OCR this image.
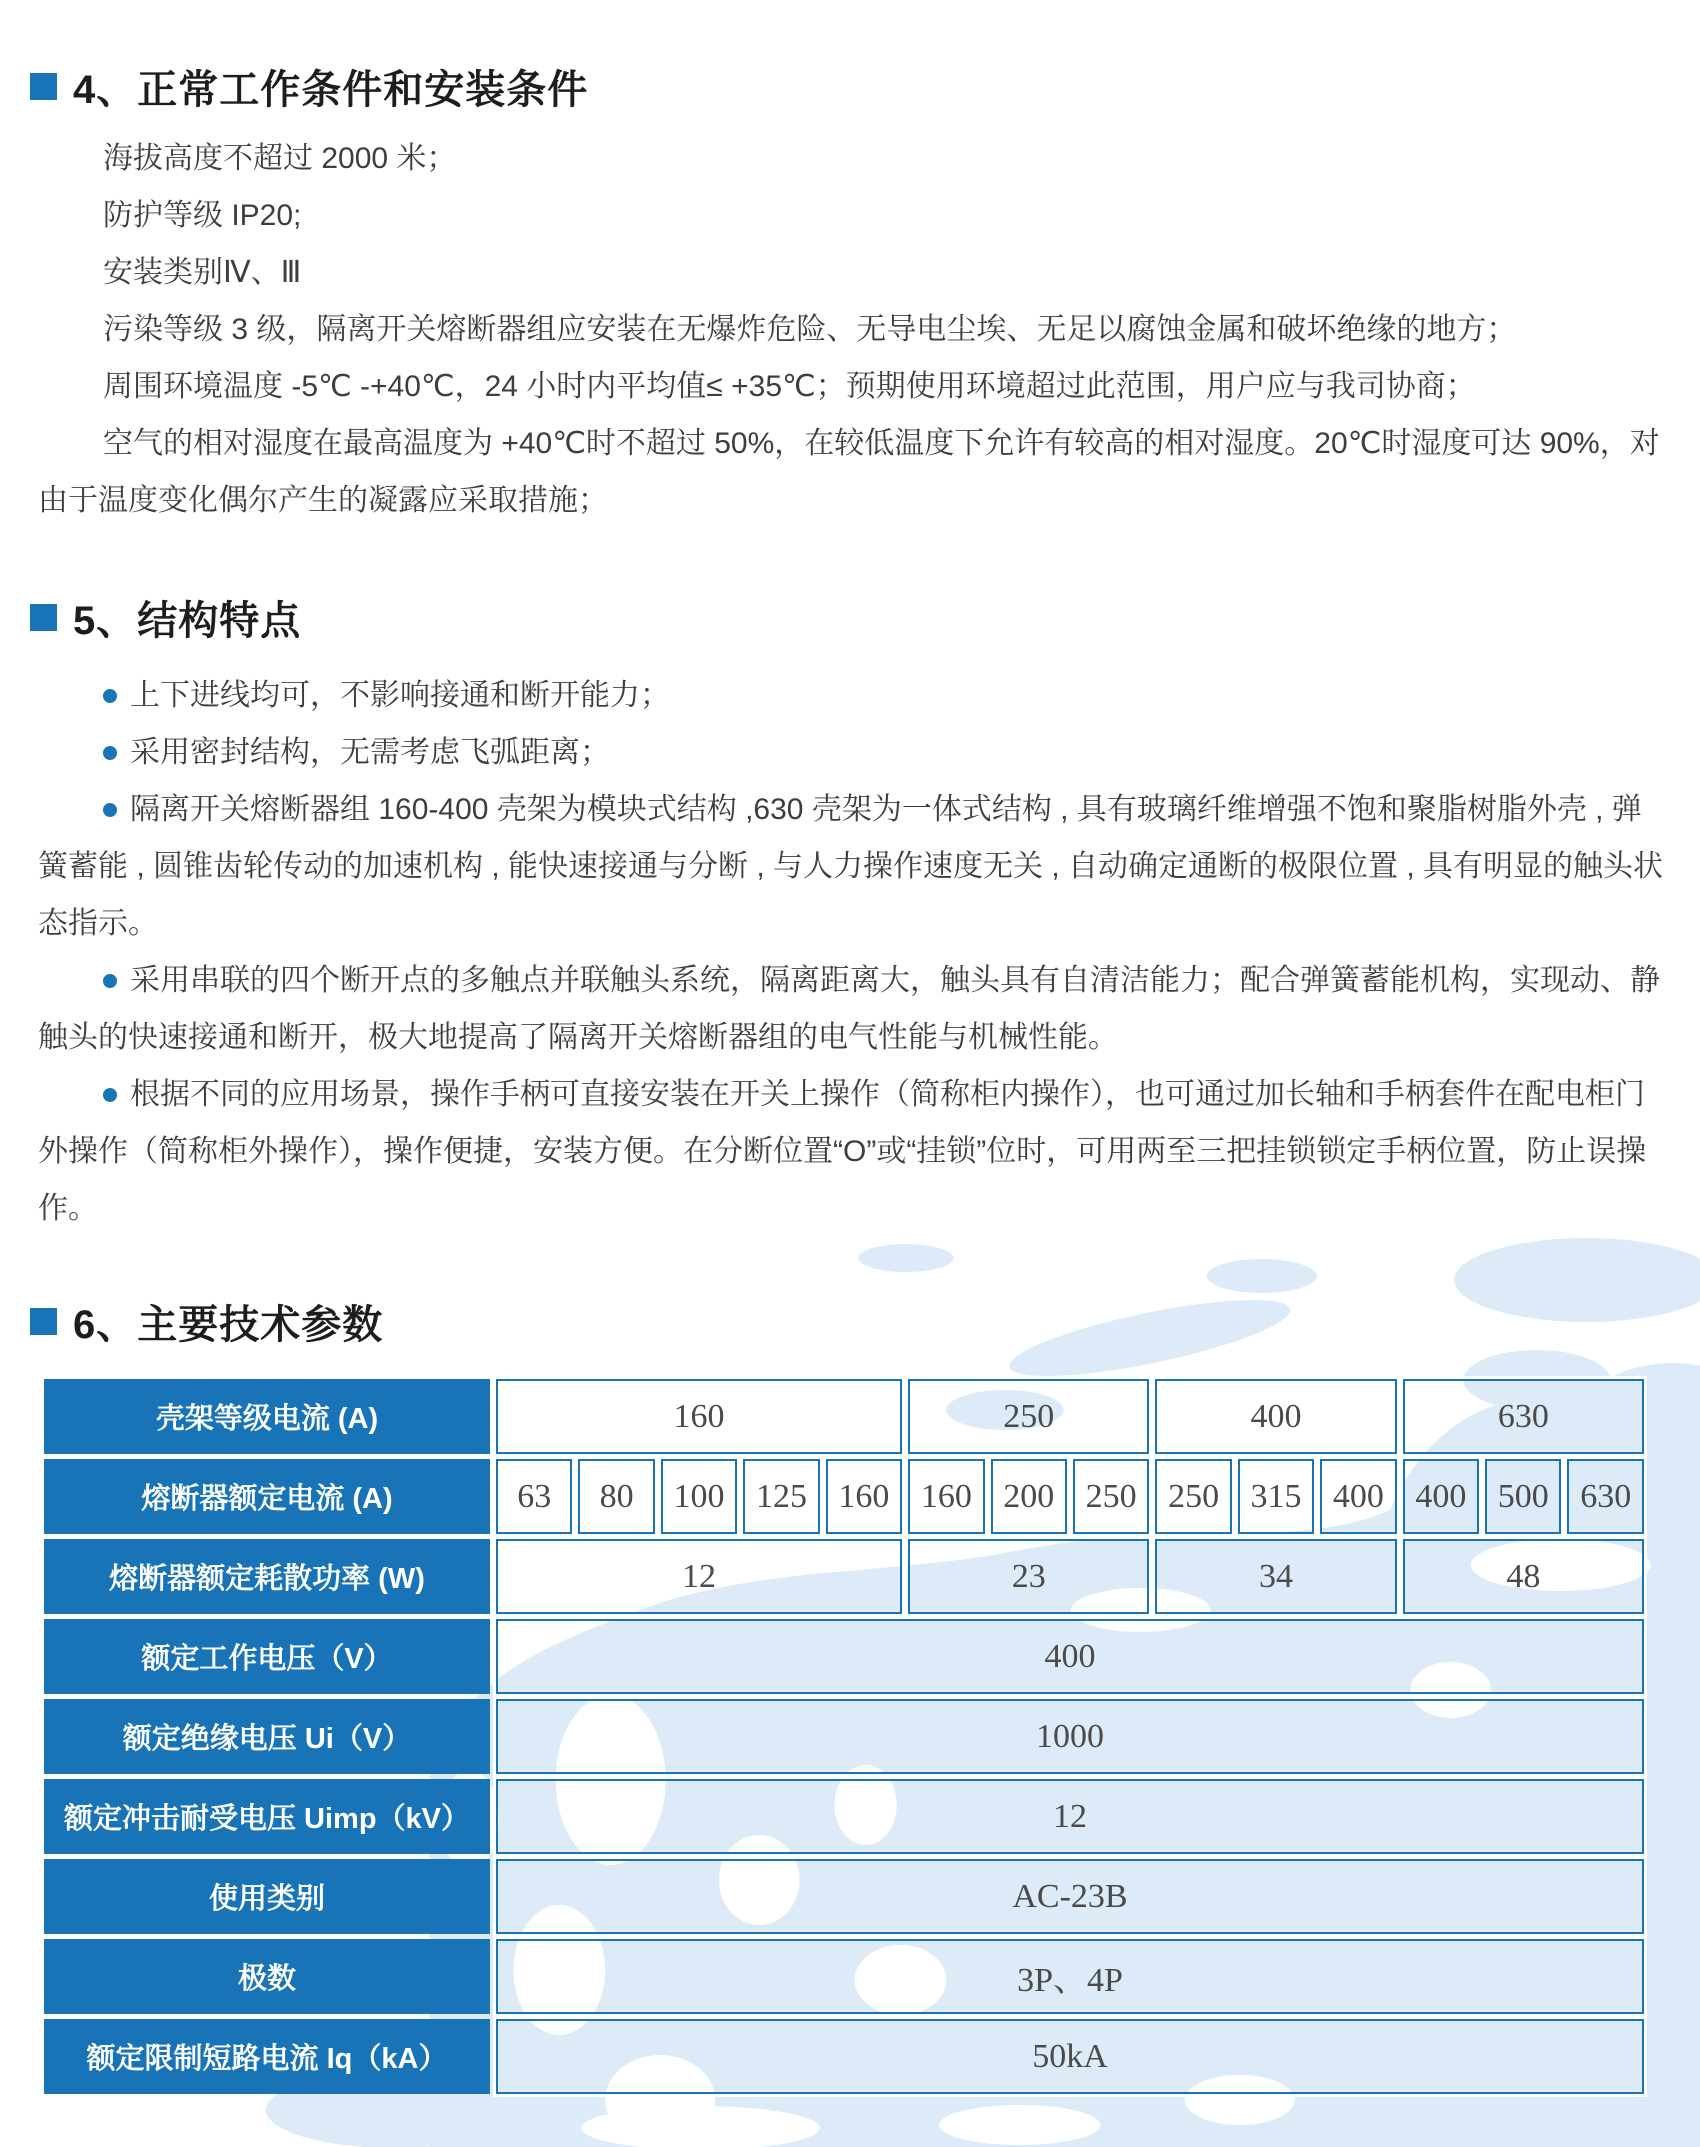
4、正常工作条件和安装条件

海拔高度不超过 2000 米；

防护等级 IP20;

安装类别Ⅳ、Ⅲ

污染等级 3 级，隔离开关熔断器组应安装在无爆炸危险、无导电尘埃、无足以腐蚀金属和破坏绝缘的地方；

周围环境温度 -5℃ -+40℃，24 小时内平均值≤ +35℃；预期使用环境超过此范围，用户应与我司协商；

空气的相对湿度在最高温度为 +40℃时不超过 50%，在较低温度下允许有较高的相对湿度。20℃时湿度可达 90%，对由于温度变化偶尔产生的凝露应采取措施；

5、结构特点

上下进线均可，不影响接通和断开能力；

采用密封结构，无需考虑飞弧距离；

隔离开关熔断器组 160-400 壳架为模块式结构 ,630 壳架为一体式结构 , 具有玻璃纤维增强不饱和聚脂树脂外壳 , 弹簧蓄能 , 圆锥齿轮传动的加速机构 , 能快速接通与分断 , 与人力操作速度无关 , 自动确定通断的极限位置 , 具有明显的触头状态指示。

采用串联的四个断开点的多触点并联触头系统，隔离距离大，触头具有自清洁能力；配合弹簧蓄能机构，实现动、静触头的快速接通和断开，极大地提高了隔离开关熔断器组的电气性能与机械性能。

根据不同的应用场景，操作手柄可直接安装在开关上操作（简称柜内操作），也可通过加长轴和手柄套件在配电柜门外操作（简称柜外操作），操作便捷，安装方便。在分断位置“O”或“挂锁”位时，可用两至三把挂锁锁定手柄位置，防止误操作。

6、主要技术参数
壳架等级电流 (A)	160					250			400			630		
熔断器额定电流 (A)	63	80	100	125	160	160	200	250	250	315	400	400	500	630
熔断器额定耗散功率 (W)	12					23			34			48		
额定工作电压（V）	400													
额定绝缘电压 Ui（V）	1000													
额定冲击耐受电压 Uimp（kV）	12													
使用类别	AC-23B													
极数	3P、4P													
额定限制短路电流 Iq（kA）	50kA													
